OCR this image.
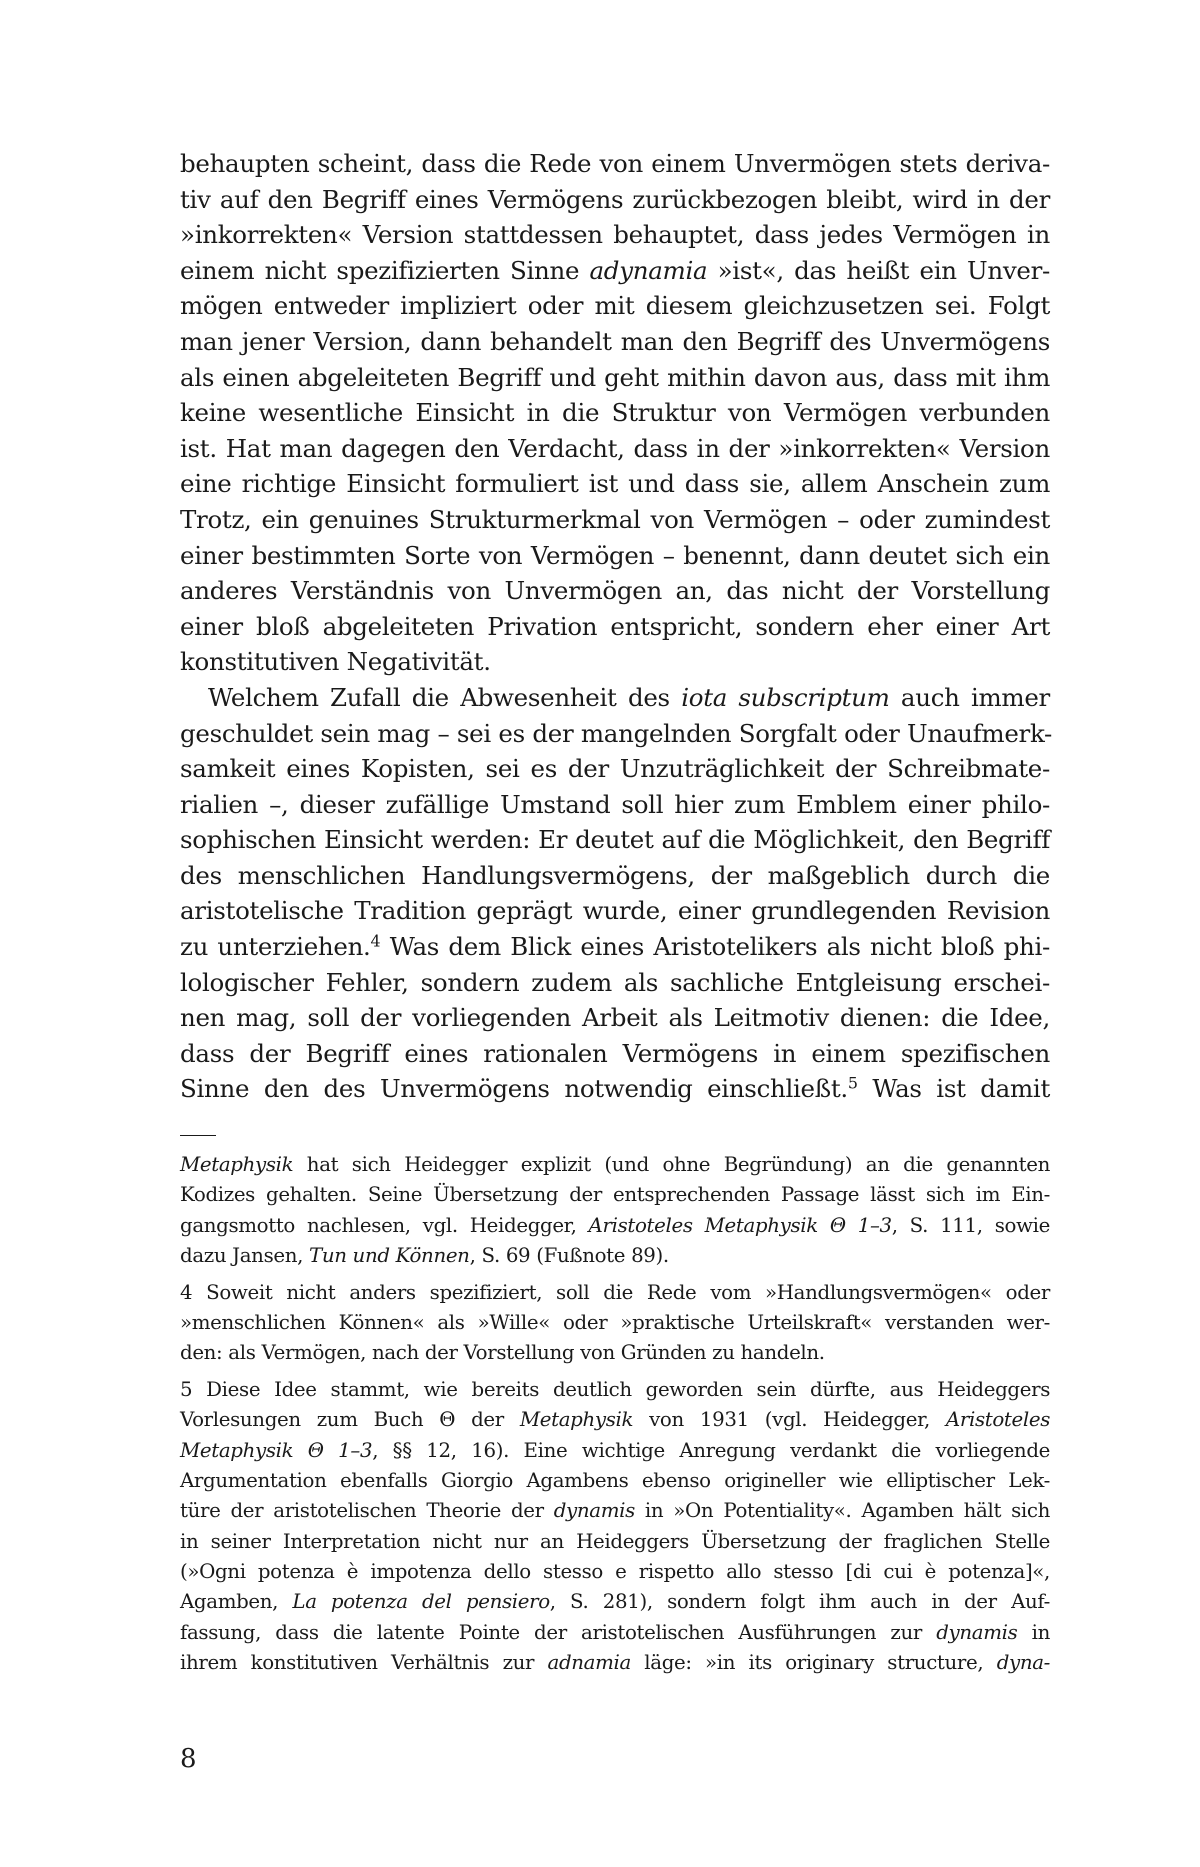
behaupten scheint, dass die Rede von einem Unvermögen stets deriva-
tiv auf den Begriff eines Vermögens zurückbezogen bleibt, wird in der
»inkorrekten« Version stattdessen behauptet, dass jedes Vermögen in
einem nicht spezifizierten Sinne adynamia »ist«, das heißt ein Unver-
mögen entweder impliziert oder mit diesem gleichzusetzen sei. Folgt
man jener Version, dann behandelt man den Begriff des Unvermögens
als einen abgeleiteten Begriff und geht mithin davon aus, dass mit ihm
keine wesentliche Einsicht in die Struktur von Vermögen verbunden
ist. Hat man dagegen den Verdacht, dass in der »inkorrekten« Version
eine richtige Einsicht formuliert ist und dass sie, allem Anschein zum
Trotz, ein genuines Strukturmerkmal von Vermögen – oder zumindest
einer bestimmten Sorte von Vermögen – benennt, dann deutet sich ein
anderes Verständnis von Unvermögen an, das nicht der Vorstellung
einer bloß abgeleiteten Privation entspricht, sondern eher einer Art
konstitutiven Negativität.
Welchem Zufall die Abwesenheit des iota subscriptum auch immer
geschuldet sein mag – sei es der mangelnden Sorgfalt oder Unaufmerk-
samkeit eines Kopisten, sei es der Unzuträglichkeit der Schreibmate-
rialien –, dieser zufällige Umstand soll hier zum Emblem einer philo-
sophischen Einsicht werden: Er deutet auf die Möglichkeit, den Begriff
des menschlichen Handlungsvermögens, der maßgeblich durch die
aristotelische Tradition geprägt wurde, einer grundlegenden Revision
zu unterziehen.$^4$ Was dem Blick eines Aristotelikers als nicht bloß phi-
lologischer Fehler, sondern zudem als sachliche Entgleisung erschei-
nen mag, soll der vorliegenden Arbeit als Leitmotiv dienen: die Idee,
dass der Begriff eines rationalen Vermögens in einem spezifischen
Sinne den des Unvermögens notwendig einschließt.$^5$ Was ist damit
Metaphysik hat sich Heidegger explizit (und ohne Begründung) an die genannten
Kodizes gehalten. Seine Übersetzung der entsprechenden Passage lässt sich im Ein-
gangsmotto nachlesen, vgl. Heidegger, Aristoteles Metaphysik Θ 1–3, S. 111, sowie
dazu Jansen, Tun und Können, S. 69 (Fußnote 89).
4 Soweit nicht anders spezifiziert, soll die Rede vom »Handlungsvermögen« oder
»menschlichen Können« als »Wille« oder »praktische Urteilskraft« verstanden wer-
den: als Vermögen, nach der Vorstellung von Gründen zu handeln.
5 Diese Idee stammt, wie bereits deutlich geworden sein dürfte, aus Heideggers
Vorlesungen zum Buch Θ der Metaphysik von 1931 (vgl. Heidegger, Aristoteles
Metaphysik Θ 1–3, §§ 12, 16). Eine wichtige Anregung verdankt die vorliegende
Argumentation ebenfalls Giorgio Agambens ebenso origineller wie elliptischer Lek-
türe der aristotelischen Theorie der dynamis in »On Potentiality«. Agamben hält sich
in seiner Interpretation nicht nur an Heideggers Übersetzung der fraglichen Stelle
(»Ogni potenza è impotenza dello stesso e rispetto allo stesso [di cui è potenza]«,
Agamben, La potenza del pensiero, S. 281), sondern folgt ihm auch in der Auf-
fassung, dass die latente Pointe der aristotelischen Ausführungen zur dynamis in
ihrem konstitutiven Verhältnis zur adnamia läge: »in its originary structure, dyna-
8
